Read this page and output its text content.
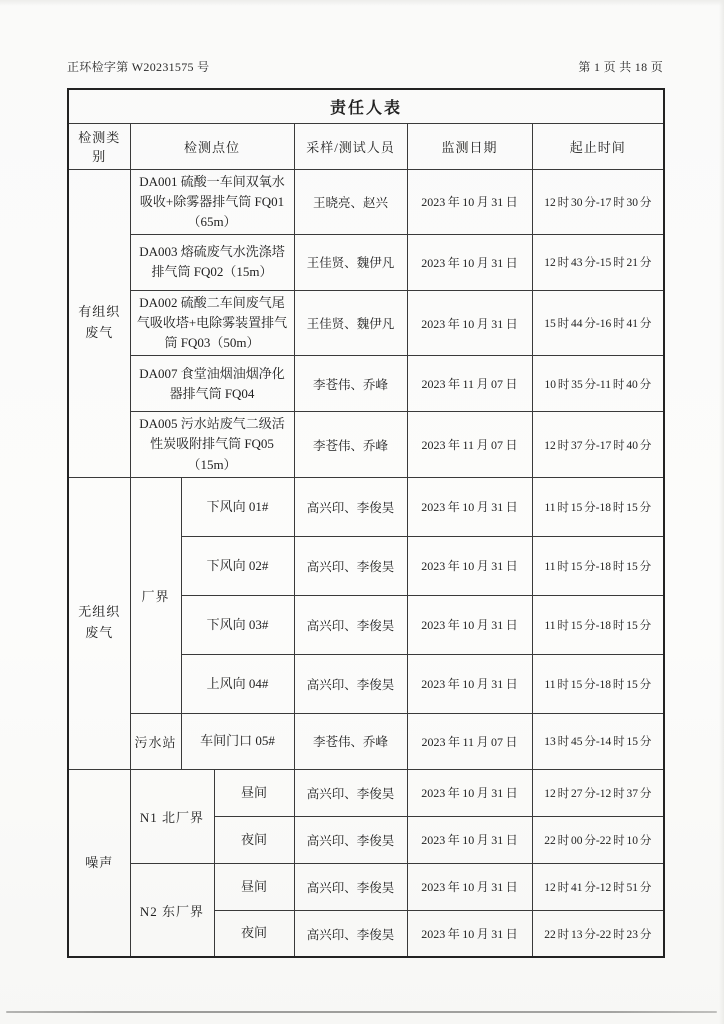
正环检字第 W20231575 号	第 1 页 共 18 页
责任人表						
检测类别	检测点位			采样/测试人员	监测日期	起止时间
有组织废气	DA001 硫酸一车间双氧水吸收+除雾器排气筒 FQ01（65m）			王晓亮、赵兴	2023 年 10 月 31 日	12 时 30 分-17 时 30 分
	DA003 熔硫废气水洗涤塔排气筒 FQ02（15m）			王佳贤、魏伊凡	2023 年 10 月 31 日	12 时 43 分-15 时 21 分
	DA002 硫酸二车间废气尾气吸收塔+电除雾装置排气筒 FQ03（50m）			王佳贤、魏伊凡	2023 年 10 月 31 日	15 时 44 分-16 时 41 分
	DA007 食堂油烟油烟净化器排气筒 FQ04			李苍伟、乔峰	2023 年 11 月 07 日	10 时 35 分-11 时 40 分
	DA005 污水站废气二级活性炭吸附排气筒 FQ05（15m）			李苍伟、乔峰	2023 年 11 月 07 日	12 时 37 分-17 时 40 分
无组织废气	厂界	下风向 01#		高兴印、李俊昊	2023 年 10 月 31 日	11 时 15 分-18 时 15 分
		下风向 02#		高兴印、李俊昊	2023 年 10 月 31 日	11 时 15 分-18 时 15 分
		下风向 03#		高兴印、李俊昊	2023 年 10 月 31 日	11 时 15 分-18 时 15 分
		上风向 04#		高兴印、李俊昊	2023 年 10 月 31 日	11 时 15 分-18 时 15 分
	污水站	车间门口 05#		李苍伟、乔峰	2023 年 11 月 07 日	13 时 45 分-14 时 15 分
噪声	N1 北厂界		昼间	高兴印、李俊昊	2023 年 10 月 31 日	12 时 27 分-12 时 37 分
			夜间	高兴印、李俊昊	2023 年 10 月 31 日	22 时 00 分-22 时 10 分
	N2 东厂界		昼间	高兴印、李俊昊	2023 年 10 月 31 日	12 时 41 分-12 时 51 分
			夜间	高兴印、李俊昊	2023 年 10 月 31 日	22 时 13 分-22 时 23 分
